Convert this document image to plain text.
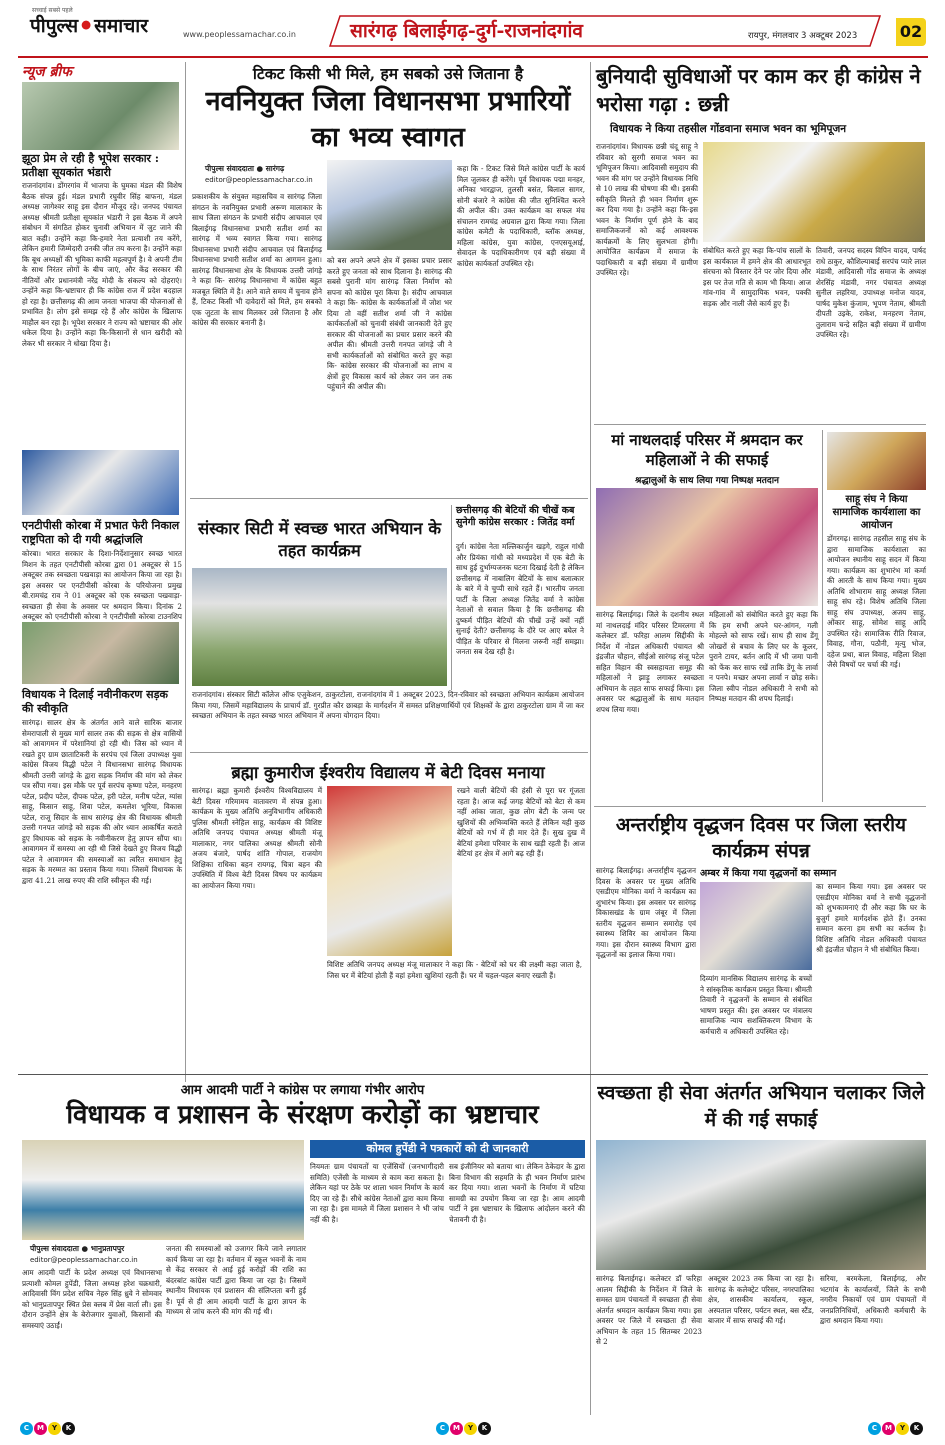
सच्चाई सबसे पहले
पीपुल्स⚫समाचार	www.peoplessamachar.co.in	सारंगढ़ बिलाईगढ़-दुर्ग-राजनांदगांव	रायपुर, मंगलवार 3 अक्टूबर 2023	02
न्यूज ब्रीफ
झूठा प्रेम ले रही है भूपेश सरकार : प्रतीक्षा सूयकांत भंडारी
राजनांदगांव। डोंगरगांव में भाजपा के घुमका मंडल की विशेष बैठक संपन्न हुई। मंडल प्रभारी रघुवीर सिंह बाफना, मंडल अध्यक्ष जागेश्वर साहू इस दौरान मौजूद रहे। जनपद पंचायत अध्यक्ष श्रीमती प्रतीक्षा सूयकांत भंडारी ने इस बैठक में अपने संबोधन में संगठित होकर चुनावी अभियान में जुट जाने की बात कही। उन्होंने कहा कि-हमारे नेता प्रत्याशी तय करेंगे, लेकिन हमारी जिम्मेदारी उनकी जीत तय करना है। उन्होंने कहा कि बूथ अध्यक्षों की भूमिका काफी महत्वपूर्ण है। वे अपनी टीम के साथ निरंतर लोगों के बीच जाएं, और केंद्र सरकार की नीतियों और प्रधानमंत्री नरेंद्र मोदी के संकल्प को दोहराएं। उन्होंने कहा कि-भ्रष्टाचार ही कि कांग्रेस राज में प्रदेश बदहाल हो रहा है। छत्तीसगढ़ की आम जनता भाजपा की योजनाओं से प्रभावित है। लोग इसे समझ रहे हैं और कांग्रेस के खिलाफ माहौल बन रहा है। भूपेश सरकार ने राज्य को भ्रष्टाचार की ओर धकेल दिया है। उन्होंने कहा कि-किसानों से धान खरीदी को लेकर भी सरकार ने धोखा दिया है।
एनटीपीसी कोरबा में प्रभात फेरी निकाल राष्ट्रपिता को दी गयी श्रद्धांजलि
कोरबा। भारत सरकार के दिशा-निर्देशानुसार स्वच्छ भारत मिशन के तहत एनटीपीसी कोरबा द्वारा 01 अक्टूबर से 15 अक्टूबर तक स्वच्छता पखवाड़ा का आयोजन किया जा रहा है। इस अवसर पर एनटीपीसी कोरबा के परियोजना प्रमुख बी.रामचंद्र राव ने 01 अक्टूबर को एक स्वच्छता पखवाड़ा-स्वच्छता ही सेवा के अवसर पर श्रमदान किया। दिनांक 2 अक्टूबर को एनटीपीसी कोरबा ने एनटीपीसी कोरबा टाउनशिप
विधायक ने दिलाई नवीनीकरण सड़क की स्वीकृति
सारंगढ़। सालर क्षेत्र के अंतर्गत आने वाले सारिक बाजार सेमरापाली से मुख्य मार्ग सालर तक की सड़क से क्षेत्र वासियों को आवागमन में परेशानियां हो रही थी। जिस को ध्यान में रखते हुए ग्राम छाताटिकरी के सरपंच एवं जिला उपाध्यक्ष युवा कांग्रेस विजय विद्धी पटेल ने विधानसभा सारंगढ़ विधायक श्रीमती उत्तरी जांगड़े के द्वारा सड़क निर्माण की मांग को लेकर पत्र सौंपा गया। इस मौके पर पूर्व सरपंच कृष्णा पटेल, मनहरण पटेल, प्रदीप पटेल, दीपक पटेल, हरी पटेल, मनीष पटेल, ग्यांस साहू, किसान साहू, शिवा पटेल, कमलेश भूरिया, विकास पटेल, राजू सिदार के साथ सारंगढ़ क्षेत्र की विधायक श्रीमती उत्तरी गनपत जांगड़े को सड़क की ओर ध्यान आकर्षित कराते हुए विधायक को सड़क के नवीनीकरण हेतु ज्ञापन सौंपा था। आवागमन में समस्या आ रही थी जिसे देखते हुए विजय विद्धी पटेल ने आवागमन की समस्याओं का त्वरित समाधान हेतु सड़क के मरम्मत का प्रस्ताव किया गया। जिसमें विधायक के द्वारा 41.21 लाख रुपए की राशि स्वीकृत की गई।
टिकट किसी भी मिले, हम सबको उसे जिताना है
नवनियुक्त जिला विधानसभा प्रभारियों का भव्य स्वागत
पीपुल्स संवाददाता ● सारंगढ़
editor@peoplessamachar.co.in
प्रकाशकीय के संयुक्त महासचिव व सारंगढ़ जिला संगठन के नवनियुक्त प्रभारी अरूण मालाकार के साथ जिला संगठन के प्रभारी संदीप आचवाल एवं बिलाईगढ़ विधानसभा प्रभारी सतीश शर्मा का सारंगढ़ में भव्य स्वागत किया गया। सारंगढ़ विधानसभा प्रभारी संदीप आचवाल एवं बिलाईगढ़ विधानसभा प्रभारी सतीश शर्मा का आगमन हुआ। सारंगढ़ विधानसभा क्षेत्र के विधायक उत्तरी जांगड़े ने कहा कि- सारंगढ़ विधानसभा में कांग्रेस बहुत मजबूत स्थिति में है। आने वाले समय में चुनाव होने हैं, टिकट किसी भी दावेदारों को मिले, हम सबको एक जुटता के साथ मिलकर उसे जिताना है और कांग्रेस की सरकार बनानी है।
को बस अपने अपने क्षेत्र में इसका प्रचार प्रसार करते हुए जनता को साथ दिलाना है। सारंगढ़ की सबसे पुरानी मांग सारंगढ़ जिला निर्माण को सपना को कांग्रेस पूरा किया है। संदीप आचवाल ने कहा कि- कांग्रेस के कार्यकर्ताओं में जोश भर दिया तो वहीं सतीश शर्मा जी ने कांग्रेस कार्यकर्ताओं को चुनावी संबंधी जानकारी देते हुए सरकार की योजनाओं का प्रचार प्रसार करने की अपील की। श्रीमती उत्तरी गनपत जांगड़े जी ने सभी कार्यकर्ताओं को संबोधित करते हुए कहा कि- कांग्रेस सरकार की योजनाओं का लाभ व क्षेत्रों हुए विकास कार्य को लेकर जन जन तक पहुंचाने की अपील की।
कहा कि - टिकट जिसे मिले कांग्रेस पार्टी के कार्य मिल जुलकर ही करेंगे। पूर्व विधायक पद्मा मनहर, अनिका भारद्वाज, तुलसी बसंत, बिलाल सागर, सोनी बंजारे ने कांग्रेस की जीत सुनिश्चित करने की अपील की। उक्त कार्यक्रम का सफल मंच संचालन रामचंद्र अग्रवाल द्वारा किया गया। जिला कांग्रेस कमेटी के पदाधिकारी, ब्लॉक अध्यक्ष, महिला कांग्रेस, युवा कांग्रेस, एनएसयूआई, सेवादल के पदाधिकारीगण एवं बड़ी संख्या में कांग्रेस कार्यकर्ता उपस्थित रहे।
संस्कार सिटी में स्वच्छ भारत अभियान के तहत कार्यक्रम
राजनांदगांव। संस्कार सिटी कॉलेज ऑफ एजुकेशन, ठाकुरटोला, राजनांदगांव में 1 अक्टूबर 2023, दिन-रविवार को स्वच्छता अभियान कार्यक्रम आयोजन किया गया, जिसमें महाविद्यालय के प्राचार्य डॉ. गुरप्रीत कौर छाबड़ा के मार्गदर्शन में समस्त प्रशिक्षणार्थियों एवं शिक्षकों के द्वारा ठाकुरटोला ग्राम में जा कर स्वच्छता अभियान के तहत स्वच्छ भारत अभियान में अपना योगदान दिया।
छत्तीसगढ़ की बेटियों की चीखें कब सुनेगी कांग्रेस सरकार : जितेंद्र वर्मा
दुर्ग। कांग्रेस नेता मल्लिकार्जुन खड़गे, राहुल गांधी और प्रियंका गांधी को मध्यप्रदेश में एक बेटी के साथ हुई दुर्भाग्यजनक घटना दिखाई देती है लेकिन छत्तीसगढ़ में नाबालिग बेटियों के साथ बलात्कार के बारे में वे चुप्पी साधे रहते हैं। भारतीय जनता पार्टी के जिला अध्यक्ष जितेंद्र वर्मा ने कांग्रेस नेताओं से सवाल किया है कि छत्तीसगढ़ की दुष्कर्म पीड़ित बेटियों की चीखें उन्हें क्यों नहीं सुनाई देती? छत्तीसगढ़ के दौरे पर आए बघेल ने पीड़ित के परिवार से मिलना जरूरी नहीं समझा। जनता सब देख रही है।
ब्रह्मा कुमारीज ईश्वरीय विद्यालय में बेटी दिवस मनाया
सारंगढ़। ब्रह्मा कुमारी ईश्वरीय विश्वविद्यालय में बेटी दिवस गरिमामय वातावरण में संपन्न हुआ। कार्यक्रम के मुख्य अतिथि अनुविभागीय अधिकारी पुलिस श्रीमती स्नेहिल साहू, कार्यक्रम की विशिष्ट अतिथि जनपद पंचायत अध्यक्ष श्रीमती मंजू मालाकार, नगर पालिका अध्यक्ष श्रीमती सोनी अजय बंजारे, पार्षद शांति गोपाल, राजयोग शिक्षिका राधिका बहन रायगढ़, चित्रा बहन की उपस्थिति में विश्व बेटी दिवस विषय पर कार्यक्रम का आयोजन किया गया।
विशिष्ट अतिथि जनपद अध्यक्ष मंजू मालाकार ने कहा कि - बेटियों को घर की लक्ष्मी कहा जाता है, जिस घर में बेटियां होती हैं वहां हमेशा खुशियां रहती हैं। घर में चहल-पहल बनाए रखती हैं।
रखने वाली बेटियों की हंसी से पूरा घर गूंजता रहता है। आज कई जगह बेटियों को बेटा से कम नहीं आंका जाता, कुछ लोग बेटी के जन्म पर खुशियों की अभिव्यक्ति करते हैं लेकिन यही कुछ बेटियों को गर्भ में ही मार देते हैं। सुख दुख में बेटियां हमेशा परिवार के साथ खड़ी रहती हैं। आज बेटियां हर क्षेत्र में आगे बढ़ रही हैं।
बुनियादी सुविधाओं पर काम कर ही कांग्रेस ने भरोसा गढ़ा : छन्नी
विधायक ने किया तहसील गोंडवाना समाज भवन का भूमिपूजन
राजनांदगांव। विधायक छन्नी चंदू साहू ने रविवार को सुरगी समाज भवन का भूमिपूजन किया। आदिवासी समुदाय की भवन की मांग पर उन्होंने विधायक निधि से 10 लाख की घोषणा की थी। इसकी स्वीकृति मिलते ही भवन निर्माण शुरू कर दिया गया है। उन्होंने कहा कि-इस भवन के निर्माण पूर्ण होने के बाद समाजिकजनों को कई आवश्यक कार्यक्रमों के लिए सुलभता होगी। आयोजित कार्यक्रम में समाज के पदाधिकारी व बड़ी संख्या में ग्रामीण उपस्थित रहे।
संबोधित करते हुए कहा कि-पांच सालों के इस कार्यकाल में हमने क्षेत्र की आधारभूत संरचना को विस्तार देने पर जोर दिया और इस पर तेज गति से काम भी किया। आज गांव-गांव में सामुदायिक भवन, पक्की सड़क और नाली जैसे कार्य हुए हैं।
तिवारी, जनपद सदस्य विपिन यादव, पार्षद राधे ठाकुर, कौशिल्याबाई सरपंच प्यारे लाल मंडावी, आदिवासी गोंड समाज के अध्यक्ष शेरसिंह मंडावी, नगर पंचायत अध्यक्ष सुनील लहरिया, उपाध्यक्ष मनोज यादव, पार्षद मुकेश कुंजाम, भूपण नेताम, श्रीमती दीपती उइके, राकेश, मनहरण नेताम, तुलाराम चन्द्रे सहित बड़ी संख्या में ग्रामीण उपस्थित रहे।
मां नाथलदाई परिसर में श्रमदान कर महिलाओं ने की सफाई
श्रद्धालुओं के साथ लिया गया निष्पक्ष मतदान
सारंगढ़ बिलाईगढ़। जिले के दशनीय स्थल मां नाथलदाई मंदिर परिसर टिमरलगा में कलेक्टर डॉ. फरिहा आलम सिद्दीकी के निर्देश में नोडल अधिकारी पंचायत श्री इंद्रजीत चौहान, सीईओ सारंगढ़ संजू पटेल सहित विहान की स्वसहायता समूह की महिलाओं ने झाड़ू लगाकर स्वच्छता अभियान के तहत साफ सफाई किया। इस अवसर पर श्रद्धालुओं के साथ मतदान शपथ लिया गया।
महिलाओं को संबोधित करते हुए कहा कि कि हम सभी अपने घर-आंगन, गली मोहल्ले को साफ रखें। साथ ही साथ डेंगू जोखरों से बचाव के लिए घर के कूलर, पुराने टायर, बर्तन आदि में भी जमा पानी को फेंक कर साफ रखें ताकि डेंगू के लार्वा न पनपे। मच्छर अपना लार्वा न छोड़ सके। जिला स्वीप नोडल अधिकारी ने सभी को निष्पक्ष मतदान की शपथ दिलाई।
साहू संघ ने किया सामाजिक कार्यशाला का आयोजन
डोंगरगढ़। सारंगढ़ तहसील साहू संघ के द्वारा सामाजिक कार्यशाला का आयोजन स्थानीय साहू सदन में किया गया। कार्यक्रम का शुभारंभ मां कर्मा की आरती के साथ किया गया। मुख्य अतिथि शोभाराम साहू अध्यक्ष जिला साहू संघ रहे। विशेष अतिथि जिला साहू संघ उपाध्यक्ष, अजय साहू, ओंकार साहू, सोमेश साहू आदि उपस्थित रहे। सामाजिक रीति रिवाज, विवाह, गौना, पठौनी, मृत्यु भोज, दहेज प्रथा, बाल विवाह, महिला शिक्षा जैसे विषयों पर चर्चा की गई।
अन्तर्राष्ट्रीय वृद्धजन दिवस पर जिला स्तरीय कार्यक्रम संपन्न
अम्बर में किया गया वृद्धजनों का सम्मान
सारंगढ़ बिलाईगढ़। अन्तर्राष्ट्रीय वृद्धजन दिवस के अवसर पर मुख्य अतिथि एसडीएम मोनिका वर्मा ने कार्यक्रम का शुभारंभ किया। इस अवसर पर सारंगढ़ विकासखंड के ग्राम जंबूर में जिला स्तरीय वृद्धजन सम्मान समारोह एवं स्वास्थ्य शिविर का आयोजन किया गया। इस दौरान स्वास्थ्य विभाग द्वारा वृद्धजनों का इलाज किया गया।
दिव्यांग मानसिक विद्यालय सारंगढ़ के बच्चों ने सांस्कृतिक कार्यक्रम प्रस्तुत किया। श्रीमती तिवारी ने वृद्धजनों के सम्मान से संबंधित भाषण प्रस्तुत की। इस अवसर पर मंत्रालय सामाजिक न्याय सशक्तिकरण विभाग के कर्मचारी व अधिकारी उपस्थित रहे।
का सम्मान किया गया। इस अवसर पर एसडीएम मोनिका वर्मा ने सभी वृद्धजनों को शुभकामनाएं दी और कहा कि घर के बुजुर्ग हमारे मार्गदर्शक होते हैं। उनका सम्मान करना हम सभी का कर्तव्य है। विशिष्ट अतिथि नोडल अधिकारी पंचायत श्री इंद्रजीत चौहान ने भी संबोधित किया।
आम आदमी पार्टी ने कांग्रेस पर लगाया गंभीर आरोप
विधायक व प्रशासन के संरक्षण करोड़ों का भ्रष्टाचार
पीपुल्स संवाददाता ● भानुप्रतापपुर
editor@peoplessamachar.co.in
आम आदमी पार्टी के प्रदेश अध्यक्ष एवं विधानसभा प्रत्याशी कोमल हुपेंडी, जिला अध्यक्ष हरेश चक्रधारी, आदिवासी विंग प्रदेश सचिव नेहरु सिंह ध्रुवे ने सोमवार को भानुप्रतापपुर स्थित प्रेस क्लब में प्रेस वार्ता ली। इस दौरान उन्होंने क्षेत्र के बेरोजगार युवाओं, किसानों की समस्याएं उठाईं।
जनता की समस्याओं को उजागर किये जाने लगातार कार्य किया जा रहा है। वर्तमान में स्कूल भवनों के नाम से केंद्र सरकार से आई हुई करोड़ों की राशि का बंदरबांट कांग्रेस पार्टी द्वारा किया जा रहा है। जिसमें स्थानीय विधायक एवं प्रशासन की संलिप्तता बनी हुई है। पूर्व से ही आम आदमी पार्टी के द्वारा ज्ञापन के माध्यम से जांच करने की मांग की गई थी।
कोमल हुपेंडी ने पत्रकारों को दी जानकारी
नियमतः ग्राम पंचायतों या एजेंसियों (जनभागीदारी समिति) एजेंसी के माध्यम से काम करा सकता है। लेकिन यहां पर ठेके पर शाला भवन निर्माण के कार्य दिए जा रहे हैं। सीधे कांग्रेस नेताओं द्वारा काम किया जा रहा है। इस मामले में जिला प्रशासन ने भी जांच नहीं की है।
सब इंजीनियर को बताया था। लेकिन ठेकेदार के द्वारा बिना विभाग की सहमति के ही भवन निर्माण प्रारंभ कर दिया गया। शाला भवनों के निर्माण में घटिया सामग्री का उपयोग किया जा रहा है। आम आदमी पार्टी ने इस भ्रष्टाचार के खिलाफ आंदोलन करने की चेतावनी दी है।
स्वच्छता ही सेवा अंतर्गत अभियान चलाकर जिले में की गई सफाई
सारंगढ़ बिलाईगढ़। कलेक्टर डॉ फरिहा आलम सिद्दीकी के निर्देशन में जिले के समस्त ग्राम पंचायतों में स्वच्छता ही सेवा अंतर्गत श्रमदान कार्यक्रम किया गया। इस अवसर पर जिले में स्वच्छता ही सेवा अभियान के तहत 15 सितम्बर 2023 से 2
अक्टूबर 2023 तक किया जा रहा है। सारंगढ़ के कलेक्ट्रेट परिसर, नगरपालिका क्षेत्र, शासकीय कार्यालय, स्कूल, अस्पताल परिसर, पर्यटन स्थल, बस स्टैंड, बाजार में साफ सफाई की गई।
सरिया, बरमकेला, बिलाईगढ़, और भटगांव के कार्यालयों, जिले के सभी नगरीय निकायों एवं ग्राम पंचायतों में जनप्रतिनिधियों, अधिकारी कर्मचारी के द्वारा श्रमदान किया गया।
C M Y K	C M Y K	C M Y K
